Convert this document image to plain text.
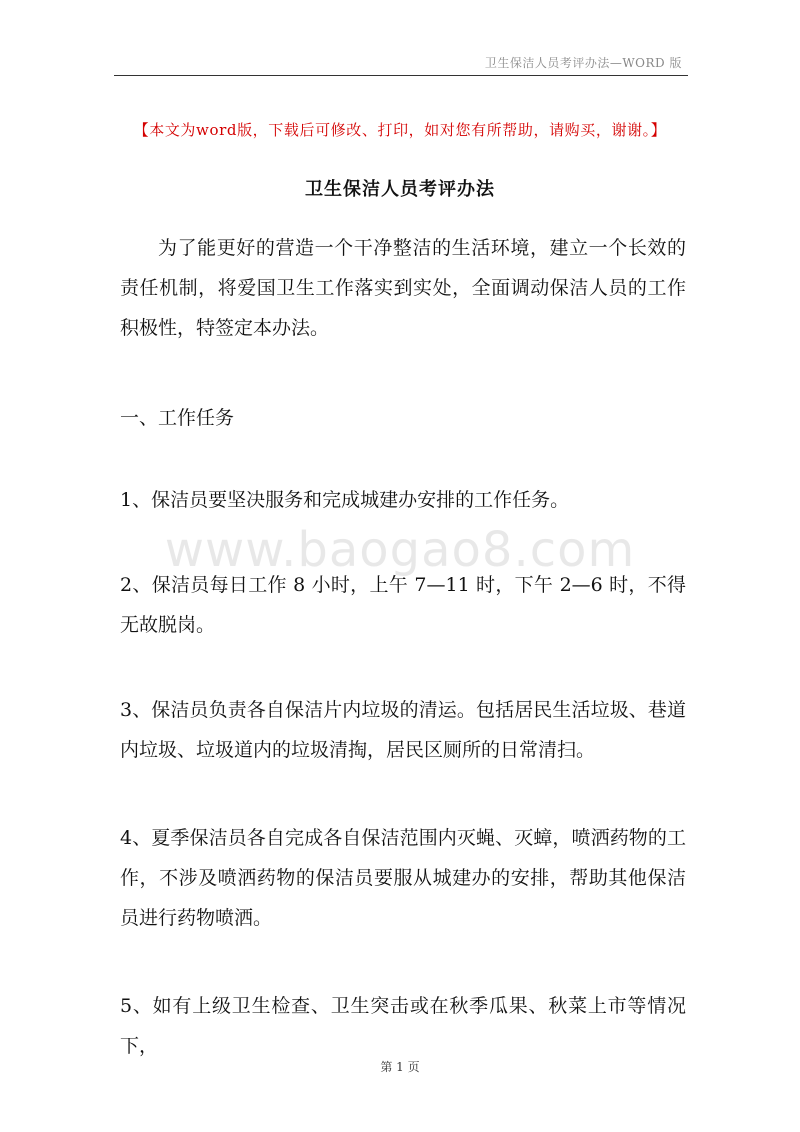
卫生保洁人员考评办法—WORD 版
【本文为word版，下载后可修改、打印，如对您有所帮助，请购买，谢谢。】
卫生保洁人员考评办法

为了能更好的营造一个干净整洁的生活环境，建立一个长效的责任机制，将爱国卫生工作落实到实处，全面调动保洁人员的工作积极性，特签定本办法。

一、工作任务

1、保洁员要坚决服务和完成城建办安排的工作任务。

2、保洁员每日工作 8 小时，上午 7—11 时，下午 2—6 时，不得无故脱岗。

3、保洁员负责各自保洁片内垃圾的清运。包括居民生活垃圾、巷道内垃圾、垃圾道内的垃圾清掏，居民区厕所的日常清扫。

4、夏季保洁员各自完成各自保洁范围内灭蝇、灭蟑，喷洒药物的工作，不涉及喷洒药物的保洁员要服从城建办的安排，帮助其他保洁员进行药物喷洒。

5、如有上级卫生检查、卫生突击或在秋季瓜果、秋菜上市等情况下，

www.baogao8.com
第 1 页
